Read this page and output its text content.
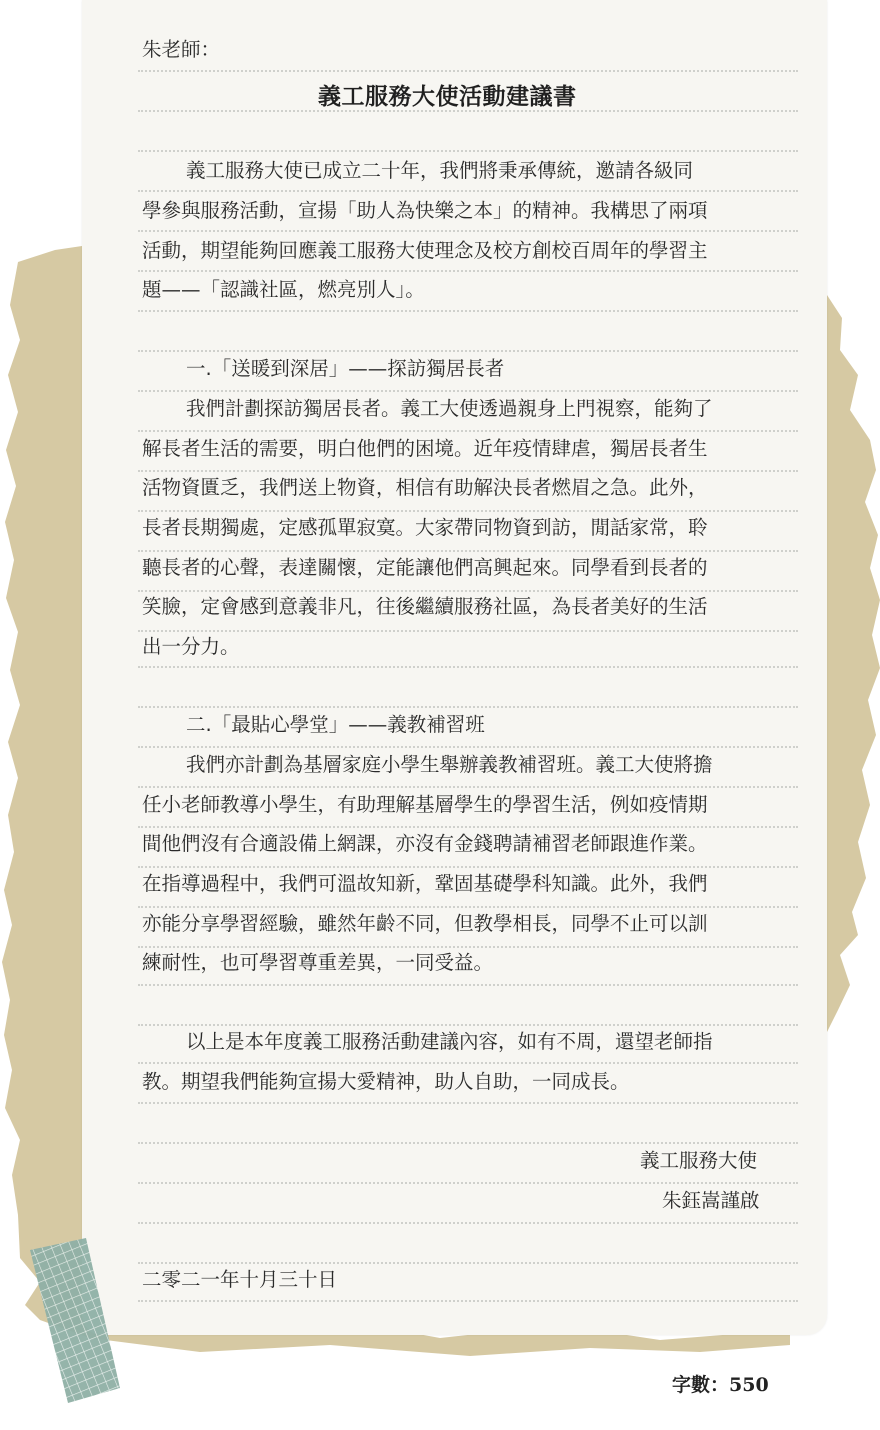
朱老師：
義工服務大使活動建議書
義工服務大使已成立二十年，我們將秉承傳統，邀請各級同
學參與服務活動，宣揚「助人為快樂之本」的精神。我構思了兩項
活動，期望能夠回應義工服務大使理念及校方創校百周年的學習主
題——「認識社區，燃亮別人」。
一.「送暖到深居」——探訪獨居長者
我們計劃探訪獨居長者。義工大使透過親身上門視察，能夠了
解長者生活的需要，明白他們的困境。近年疫情肆虐，獨居長者生
活物資匱乏，我們送上物資，相信有助解決長者燃眉之急。此外，
長者長期獨處，定感孤單寂寞。大家帶同物資到訪，閒話家常，聆
聽長者的心聲，表達關懷，定能讓他們高興起來。同學看到長者的
笑臉，定會感到意義非凡，往後繼續服務社區，為長者美好的生活
出一分力。
二.「最貼心學堂」——義教補習班
我們亦計劃為基層家庭小學生舉辦義教補習班。義工大使將擔
任小老師教導小學生，有助理解基層學生的學習生活，例如疫情期
間他們沒有合適設備上網課，亦沒有金錢聘請補習老師跟進作業。
在指導過程中，我們可溫故知新，鞏固基礎學科知識。此外，我們
亦能分享學習經驗，雖然年齡不同，但教學相長，同學不止可以訓
練耐性，也可學習尊重差異，一同受益。
以上是本年度義工服務活動建議內容，如有不周，還望老師指
教。期望我們能夠宣揚大愛精神，助人自助，一同成長。
義工服務大使
朱鈺嵩謹啟
二零二一年十月三十日
字數：550
